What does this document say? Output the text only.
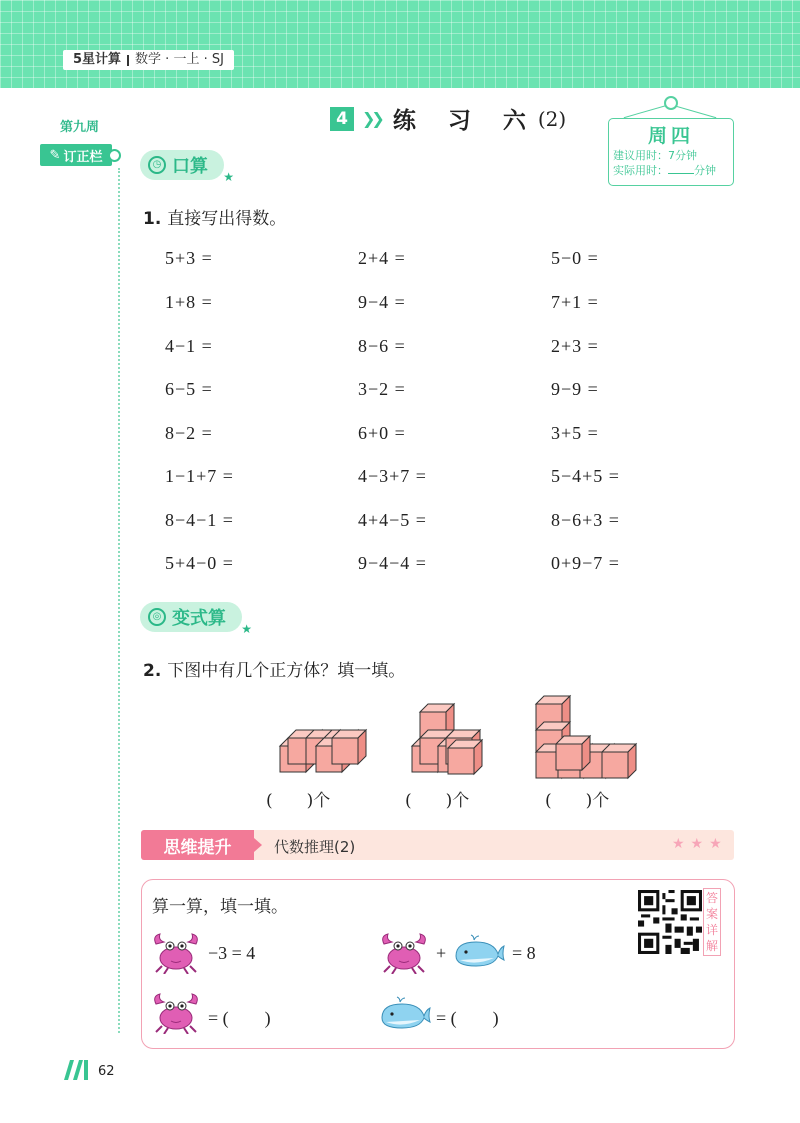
5星计算 数学 · 一上 · SJ
第九周
✎ 订正栏
4 ❯❯ 练 习 六 (2)
周四
建议用时：7分钟
实际用时： 分钟
◷ 口算 ★
1. 直接写出得数。
5+3 =	2+4 =	5−0 =
1+8 =	9−4 =	7+1 =
4−1 =	8−6 =	2+3 =
6−5 =	3−2 =	9−9 =
8−2 =	6+0 =	3+5 =
1−1+7 =	4−3+7 =	5−4+5 =
8−4−1 =	4+4−5 =	8−6+3 =
5+4−0 =	9−4−4 =	0+9−7 =
◎ 变式算 ★
2. 下图中有几个正方体？填一填。
(　　)个	(　　)个	(　　)个
思维提升	代数推理(2)	★★★
算一算，填一填。	答案详解
−3 = 4	+	= 8
= (　　)	= (　　)
62
